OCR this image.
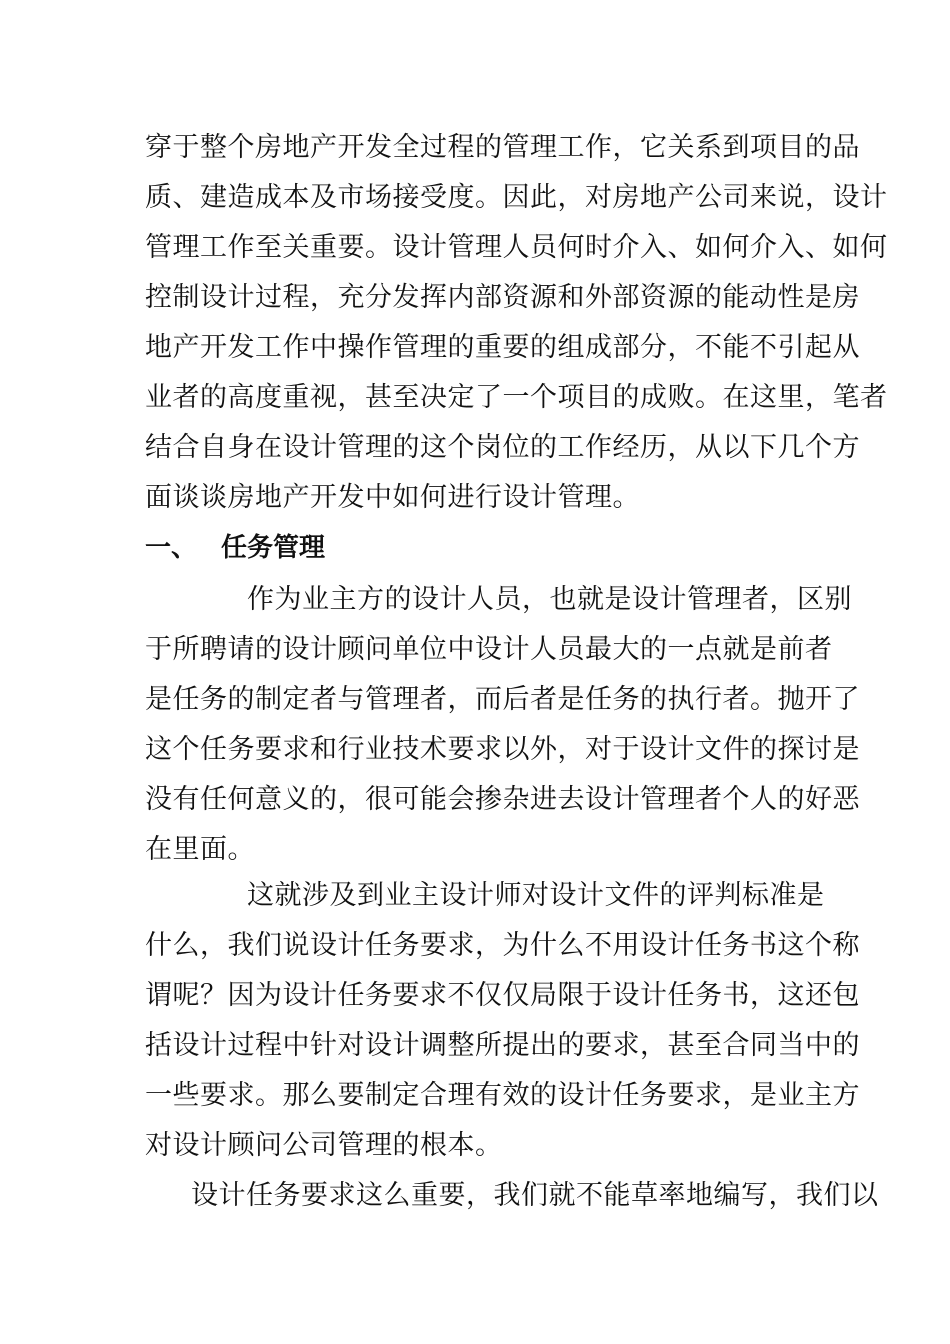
穿于整个房地产开发全过程的管理工作，它关系到项目的品
质、建造成本及市场接受度。因此，对房地产公司来说，设计
管理工作至关重要。设计管理人员何时介入、如何介入、如何
控制设计过程，充分发挥内部资源和外部资源的能动性是房
地产开发工作中操作管理的重要的组成部分，不能不引起从
业者的高度重视，甚至决定了一个项目的成败。在这里，笔者
结合自身在设计管理的这个岗位的工作经历，从以下几个方
面谈谈房地产开发中如何进行设计管理。
一、 任务管理
作为业主方的设计人员，也就是设计管理者，区别
于所聘请的设计顾问单位中设计人员最大的一点就是前者
是任务的制定者与管理者，而后者是任务的执行者。抛开了
这个任务要求和行业技术要求以外，对于设计文件的探讨是
没有任何意义的，很可能会掺杂进去设计管理者个人的好恶
在里面。
这就涉及到业主设计师对设计文件的评判标准是
什么，我们说设计任务要求，为什么不用设计任务书这个称
谓呢？因为设计任务要求不仅仅局限于设计任务书，这还包
括设计过程中针对设计调整所提出的要求，甚至合同当中的
一些要求。那么要制定合理有效的设计任务要求，是业主方
对设计顾问公司管理的根本。
设计任务要求这么重要，我们就不能草率地编写，我们以
